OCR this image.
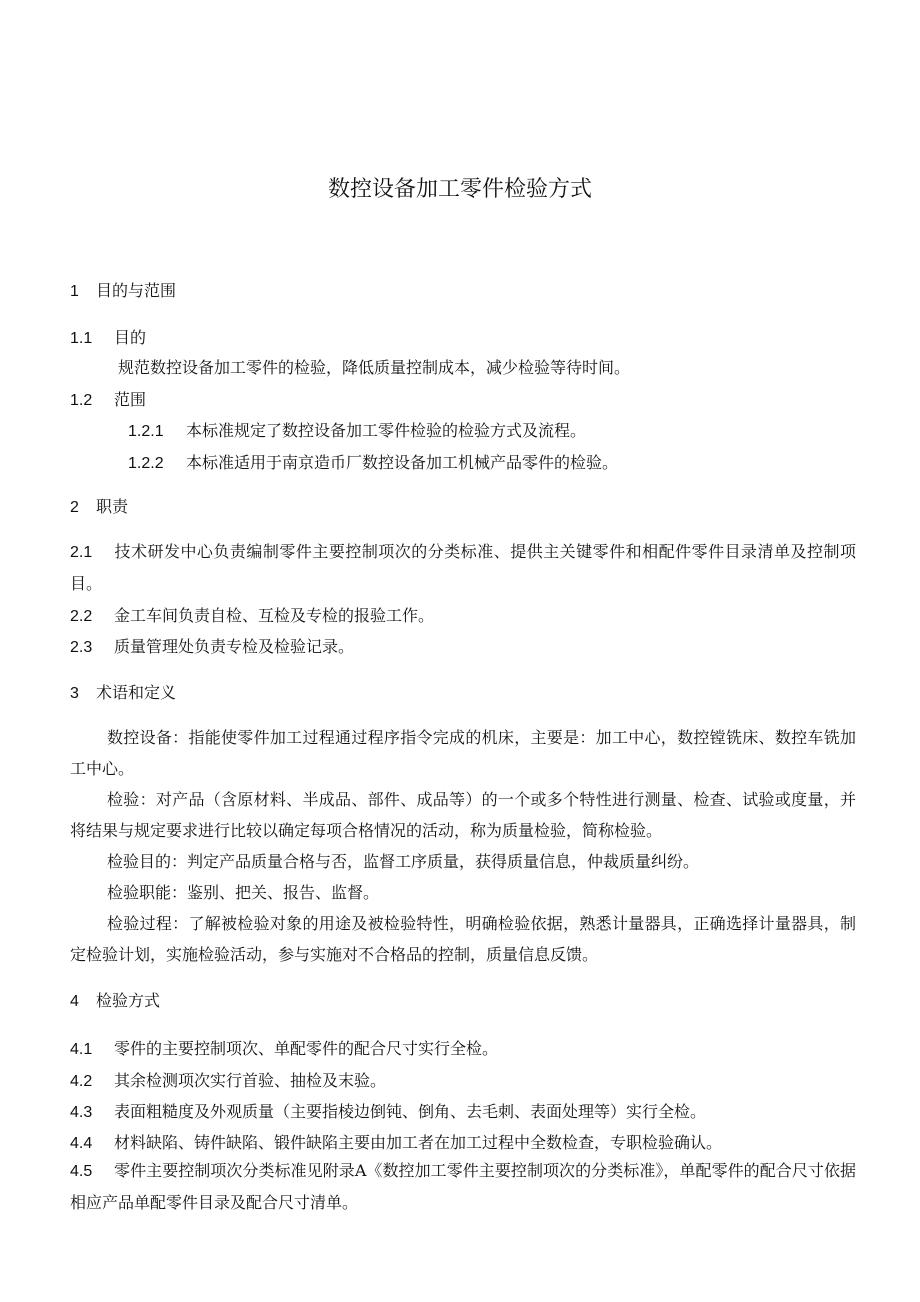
数控设备加工零件检验方式
1 目的与范围
1.1 目的
规范数控设备加工零件的检验，降低质量控制成本，减少检验等待时间。
1.2 范围
1.2.1 本标准规定了数控设备加工零件检验的检验方式及流程。
1.2.2 本标准适用于南京造币厂数控设备加工机械产品零件的检验。
2 职责
2.1 技术研发中心负责编制零件主要控制项次的分类标准、提供主关键零件和相配件零件目录清单及控制项目。
2.2 金工车间负责自检、互检及专检的报验工作。
2.3 质量管理处负责专检及检验记录。
3 术语和定义
数控设备：指能使零件加工过程通过程序指令完成的机床，主要是：加工中心，数控镗铣床、数控车铣加工中心。
检验：对产品（含原材料、半成品、部件、成品等）的一个或多个特性进行测量、检查、试验或度量，并将结果与规定要求进行比较以确定每项合格情况的活动，称为质量检验，简称检验。
检验目的：判定产品质量合格与否，监督工序质量，获得质量信息，仲裁质量纠纷。
检验职能：鉴别、把关、报告、监督。
检验过程：了解被检验对象的用途及被检验特性，明确检验依据，熟悉计量器具，正确选择计量器具，制定检验计划，实施检验活动，参与实施对不合格品的控制，质量信息反馈。
4 检验方式
4.1 零件的主要控制项次、单配零件的配合尺寸实行全检。
4.2 其余检测项次实行首验、抽检及末验。
4.3 表面粗糙度及外观质量（主要指棱边倒钝、倒角、去毛刺、表面处理等）实行全检。
4.4 材料缺陷、铸件缺陷、锻件缺陷主要由加工者在加工过程中全数检查，专职检验确认。
4.5 零件主要控制项次分类标准见附录A《数控加工零件主要控制项次的分类标准》，单配零件的配合尺寸依据相应产品单配零件目录及配合尺寸清单。
